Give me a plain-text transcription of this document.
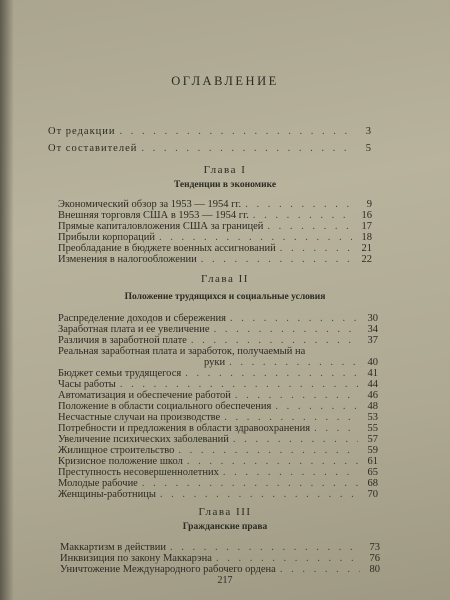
ОГЛАВЛЕНИЕ
От редакции . . .	3
От составителей . . .	5
Глава I
Тенденции в экономике
Экономический обзор за 1953 — 1954 гг. . . .	9
Внешняя торговля США в 1953 — 1954 гг. . . .	16
Прямые капиталовложения США за границей . . .	17
Прибыли корпораций . . .	18
Преобладание в бюджете военных ассигнований . . .	21
Изменения в налогообложении . . .	22
Глава II
Положение трудящихся и социальные условия
Распределение доходов и сбережения . . .	30
Заработная плата и ее увеличение . . .	34
Различия в заработной плате . . .	37
Реальная заработная плата и заработок, получаемый на
руки . . .	40
Бюджет семьи трудящегося . . .	41
Часы работы . . .	44
Автоматизация и обеспечение работой . . .	46
Положение в области социального обеспечения . . .	48
Несчастные случаи на производстве . . .	53
Потребности и предложения в области здравоохранения . . .	55
Увеличение психических заболеваний . . .	57
Жилищное строительство . . .	59
Кризисное положение школ . . .	61
Преступность несовершеннолетних . . .	65
Молодые рабочие . . .	68
Женщины-работницы . . .	70
Глава III
Гражданские права
Маккартизм в действии . . .	73
Инквизиция по закону Маккарэна . . .	76
Уничтожение Международного рабочего ордена . . .	80
217
